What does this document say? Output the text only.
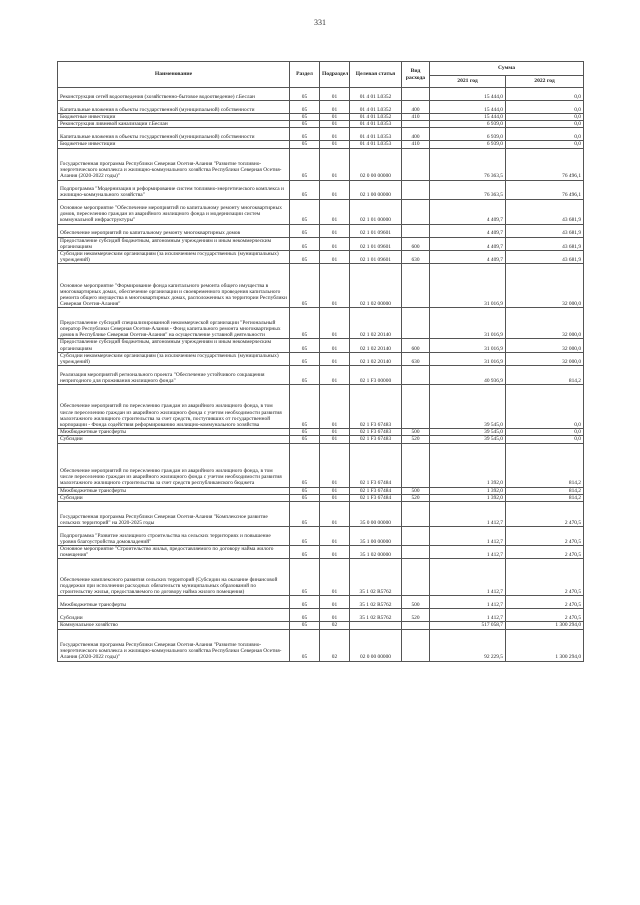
331
Наименование	Раздел	Подраздел	Целевая статья	Вид расхода	Сумма	
					2021 год	2022 год
Реконструкция сетей водоотведения (хозяйственно-бытовое водоотведение) г.Беслан	05	01	01 4 01 L0352		15 444,0	0,0
Капитальные вложения в объекты государственной (муниципальной) собственности	05	01	01 4 01 L0352	400	15 444,0	0,0
Бюджетные инвестиции	05	01	01 4 01 L0352	410	15 444,0	0,0
Реконструкция ливневой канализации г.Беслан	05	01	01 4 01 L0353		6 939,0	0,0
Капитальные вложения в объекты государственной (муниципальной) собственности	05	01	01 4 01 L0353	400	6 939,0	0,0
Бюджетные инвестиции	05	01	01 4 01 L0353	410	6 939,0	0,0
Государственная программа Республики Северная Осетия-Алания "Развитие топливно-энергетического комплекса и жилищно-коммунального хозяйства Республики Северная Осетия-Алания (2020-2022 годы)"	05	01	02 0 00 00000		76 363,5	76 496,1
Подпрограмма "Модернизация и реформирование систем топливно-энергетического комплекса и жилищно-коммунального хозяйства"	05	01	02 1 00 00000		76 363,5	76 496,1
Основное мероприятие "Обеспечение мероприятий по капитальному ремонту многоквартирных домов, переселению граждан из аварийного жилищного фонда и модернизации систем коммунальной инфраструктуры"	05	01	02 1 01 00000		4 409,7	43 681,9
Обеспечение мероприятий по капитальному ремонту многоквартирных домов	05	01	02 1 01 09601		4 409,7	43 681,9
Предоставление субсидий бюджетным, автономным учреждениям и иным некоммерческим организациям	05	01	02 1 01 09601	600	4 409,7	43 681,9
Субсидии некоммерческим организациям (за исключением государственных (муниципальных) учреждений)	05	01	02 1 01 09601	630	4 409,7	43 681,9
Основное мероприятие "Формирование фонда капитального ремонта общего имущества в многоквартирных домах, обеспечение организации и своевременного проведения капитального ремонта общего имущества в многоквартирных домах, расположенных на территории Республики Северная Осетия-Алания"	05	01	02 1 02 00000		31 016,9	32 000,0
Предоставление субсидий специализированной некоммерческой организации "Региональный оператор Республики Северная Осетия-Алания - Фонд капитального ремонта многоквартирных домов в Республике Северная Осетия-Алания" на осуществление уставной деятельности	05	01	02 1 02 20140		31 016,9	32 000,0
Предоставление субсидий бюджетным, автономным учреждениям и иным некоммерческим организациям	05	01	02 1 02 20140	600	31 016,9	32 000,0
Субсидии некоммерческим организациям (за исключением государственных (муниципальных) учреждений)	05	01	02 1 02 20140	630	31 016,9	32 000,0
Реализация мероприятий регионального проекта "Обеспечение устойчивого сокращения непригодного для проживания жилищного фонда"	05	01	02 1 F3 00000		40 936,9	814,2
Обеспечение мероприятий по переселению граждан из аварийного жилищного фонда, в том числе переселению граждан из аварийного жилищного фонда с учетом необходимости развития малоэтажного жилищного строительства за счет средств, поступивших от государственной корпорации - Фонда содействия реформированию жилищно-коммунального хозяйства	05	01	02 1 F3 67483		39 545,0	0,0
Межбюджетные трансферты	05	01	02 1 F3 67483	500	39 545,0	0,0
Субсидии	05	01	02 1 F3 67483	520	39 545,0	0,0
Обеспечение мероприятий по переселению граждан из аварийного жилищного фонда, в том числе переселению граждан из аварийного жилищного фонда с учетом необходимости развития малоэтажного жилищного строительства за счет средств республиканского бюджета	05	01	02 1 F3 67484		1 392,0	814,2
Межбюджетные трансферты	05	01	02 1 F3 67484	500	1 392,0	814,2
Субсидии	05	01	02 1 F3 67484	520	1 392,0	814,2
Государственная программа Республики Северная Осетия-Алания "Комплексное развитие сельских территорий" на 2020-2025 годы	05	01	35 0 00 00000		1 412,7	2 470,5
Подпрограмма "Развитие жилищного строительства на сельских территориях и повышение уровня благоустройства домовладений"	05	01	35 1 00 00000		1 412,7	2 470,5
Основное мероприятие "Строительство жилья, предоставляемого по договору найма жилого помещения"	05	01	35 1 02 00000		1 412,7	2 470,5
Обеспечение комплексного развития сельских территорий (Субсидии на оказание финансовой поддержки при исполнении расходных обязательств муниципальных образований по строительству жилья, предоставляемого по договору найма жилого помещения)	05	01	35 1 02 R5762		1 412,7	2 470,5
Межбюджетные трансферты	05	01	35 1 02 R5762	500	1 412,7	2 470,5
Субсидии	05	01	35 1 02 R5762	520	1 412,7	2 470,5
Коммунальное хозяйство	05	02			517 058,7	1 300 294,0
Государственная программа Республики Северная Осетия-Алания "Развитие топливно-энергетического комплекса и жилищно-коммунального хозяйства Республики Северная Осетия-Алания (2020-2022 годы)"	05	02	02 0 00 00000		92 229,5	1 300 294,0
